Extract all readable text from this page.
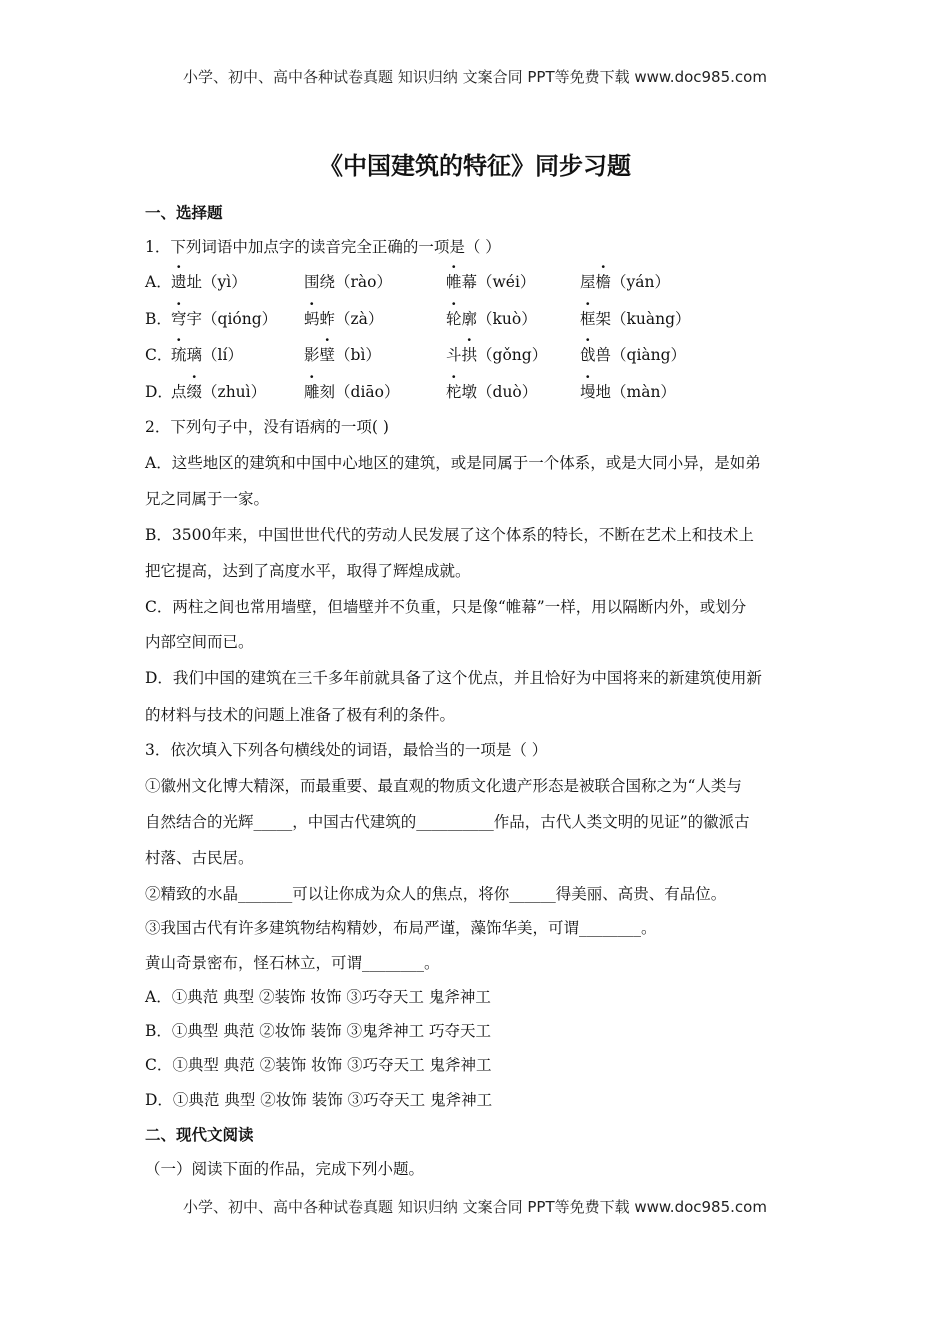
小学、初中、高中各种试卷真题 知识归纳 文案合同 PPT等免费下载 www.doc985.com
《中国建筑的特征》同步习题
一、选择题
1．下列词语中加点字的读音完全正确的一项是（ ）
A． 遗址（yì）	围绕（rào）	帷幕（wéi）	屋檐（yán）
B． 穹宇（qióng） 蚂蚱（zà）	轮廓（kuò）	框架（kuàng）
C．
琉璃（lí）	影壁（bì）	斗拱（gǒng） 戗兽（qiàng）
D．
点缀（zhuì） 雕刻（diāo）	柁墩（duò）	墁地（màn）
2．下列句子中，没有语病的一项( )
A．这些地区的建筑和中国中心地区的建筑，或是同属于一个体系，或是大同小异，是如弟
兄之同属于一家。
B．3500年来，中国世世代代的劳动人民发展了这个体系的特长，不断在艺术上和技术上
把它提高，达到了高度水平，取得了辉煌成就。
C．两柱之间也常用墙壁，但墙壁并不负重，只是像“帷幕”一样，用以隔断内外，或划分
内部空间而已。
D．我们中国的建筑在三千多年前就具备了这个优点，并且恰好为中国将来的新建筑使用新
的材料与技术的问题上准备了极有利的条件。
3．依次填入下列各句横线处的词语，最恰当的一项是（ ）
①徽州文化博大精深，而最重要、最直观的物质文化遗产形态是被联合国称之为“人类与
自然结合的光辉_____，中国古代建筑的__________作品，古代人类文明的见证”的徽派古
村落、古民居。
②精致的水晶_______可以让你成为众人的焦点，将你______得美丽、高贵、有品位。
③我国古代有许多建筑物结构精妙，布局严谨，藻饰华美，可谓________。
黄山奇景密布，怪石林立，可谓________。
A．①典范 典型 ②装饰 妆饰 ③巧夺天工 鬼斧神工
B．①典型 典范 ②妆饰 装饰 ③鬼斧神工 巧夺天工
C．①典型 典范 ②装饰 妆饰 ③巧夺天工 鬼斧神工
D．①典范 典型 ②妆饰 装饰 ③巧夺天工 鬼斧神工
二、现代文阅读
（一）阅读下面的作品，完成下列小题。
小学、初中、高中各种试卷真题 知识归纳 文案合同 PPT等免费下载 www.doc985.com
